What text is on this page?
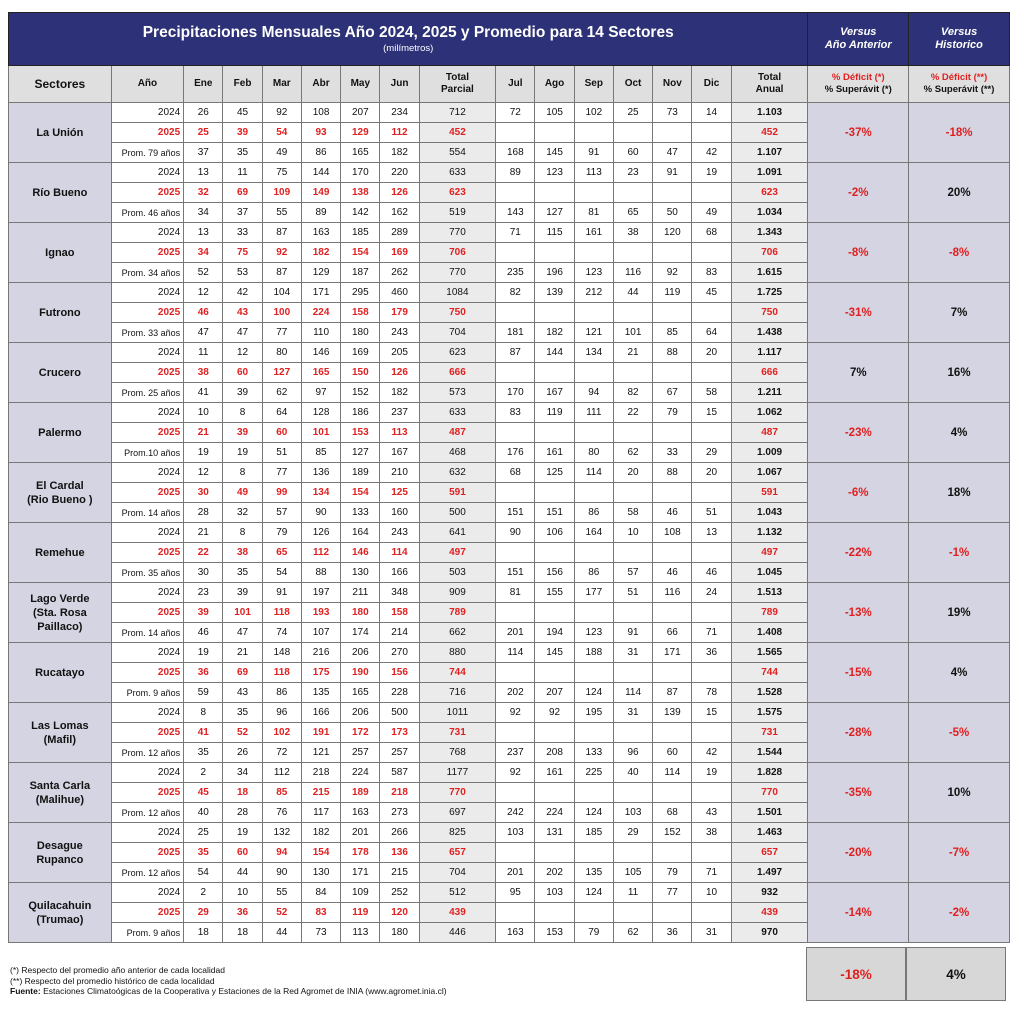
Precipitaciones Mensuales Año 2024, 2025 y Promedio para 14 Sectores
(milímetros)																Versus
Año Anterior	Versus
Historico
Sectores	Año	Ene	Feb	Mar	Abr	May	Jun	Total
Parcial	Jul	Ago	Sep	Oct	Nov	Dic	Total
Anual	% Déficit (*)
% Superávit (*)	% Déficit (**)
% Superávit (**)
La Unión	2024	26	45	92	108	207	234	712	72	105	102	25	73	14	1.103	-37%	-18%
	2025	25	39	54	93	129	112	452							452		
	Prom. 79 años	37	35	49	86	165	182	554	168	145	91	60	47	42	1.107		
Río Bueno	2024	13	11	75	144	170	220	633	89	123	113	23	91	19	1.091	-2%	20%
	2025	32	69	109	149	138	126	623							623		
	Prom. 46 años	34	37	55	89	142	162	519	143	127	81	65	50	49	1.034		
Ignao	2024	13	33	87	163	185	289	770	71	115	161	38	120	68	1.343	-8%	-8%
	2025	34	75	92	182	154	169	706							706		
	Prom. 34 años	52	53	87	129	187	262	770	235	196	123	116	92	83	1.615		
Futrono	2024	12	42	104	171	295	460	1084	82	139	212	44	119	45	1.725	-31%	7%
	2025	46	43	100	224	158	179	750							750		
	Prom. 33 años	47	47	77	110	180	243	704	181	182	121	101	85	64	1.438		
Crucero	2024	11	12	80	146	169	205	623	87	144	134	21	88	20	1.117	7%	16%
	2025	38	60	127	165	150	126	666							666		
	Prom. 25 años	41	39	62	97	152	182	573	170	167	94	82	67	58	1.211		
Palermo	2024	10	8	64	128	186	237	633	83	119	111	22	79	15	1.062	-23%	4%
	2025	21	39	60	101	153	113	487							487		
	Prom.10 años	19	19	51	85	127	167	468	176	161	80	62	33	29	1.009		
El Cardal
(Rio Bueno )	2024	12	8	77	136	189	210	632	68	125	114	20	88	20	1.067	-6%	18%
	2025	30	49	99	134	154	125	591							591		
	Prom. 14 años	28	32	57	90	133	160	500	151	151	86	58	46	51	1.043		
Remehue	2024	21	8	79	126	164	243	641	90	106	164	10	108	13	1.132	-22%	-1%
	2025	22	38	65	112	146	114	497							497		
	Prom. 35 años	30	35	54	88	130	166	503	151	156	86	57	46	46	1.045		
Lago Verde
(Sta. Rosa
Paillaco)	2024	23	39	91	197	211	348	909	81	155	177	51	116	24	1.513	-13%	19%
	2025	39	101	118	193	180	158	789							789		
	Prom. 14 años	46	47	74	107	174	214	662	201	194	123	91	66	71	1.408		
Rucatayo	2024	19	21	148	216	206	270	880	114	145	188	31	171	36	1.565	-15%	4%
	2025	36	69	118	175	190	156	744							744		
	Prom. 9 años	59	43	86	135	165	228	716	202	207	124	114	87	78	1.528		
Las Lomas
(Mafil)	2024	8	35	96	166	206	500	1011	92	92	195	31	139	15	1.575	-28%	-5%
	2025	41	52	102	191	172	173	731							731		
	Prom. 12 años	35	26	72	121	257	257	768	237	208	133	96	60	42	1.544		
Santa Carla
(Malihue)	2024	2	34	112	218	224	587	1177	92	161	225	40	114	19	1.828	-35%	10%
	2025	45	18	85	215	189	218	770							770		
	Prom. 12 años	40	28	76	117	163	273	697	242	224	124	103	68	43	1.501		
Desague
Rupanco	2024	25	19	132	182	201	266	825	103	131	185	29	152	38	1.463	-20%	-7%
	2025	35	60	94	154	178	136	657							657		
	Prom. 12 años	54	44	90	130	171	215	704	201	202	135	105	79	71	1.497		
Quilacahuin
(Trumao)	2024	2	10	55	84	109	252	512	95	103	124	11	77	10	932	-14%	-2%
	2025	29	36	52	83	119	120	439							439		
	Prom. 9 años	18	18	44	73	113	180	446	163	153	79	62	36	31	970		
-18%	4%
(*) Respecto del promedio año anterior de cada localidad
(**) Respecto del promedio histórico de cada localidad
Fuente: Estaciones Climatoógicas de la Cooperativa y Estaciones de la Red Agromet de INIA (www.agromet.inia.cl)
